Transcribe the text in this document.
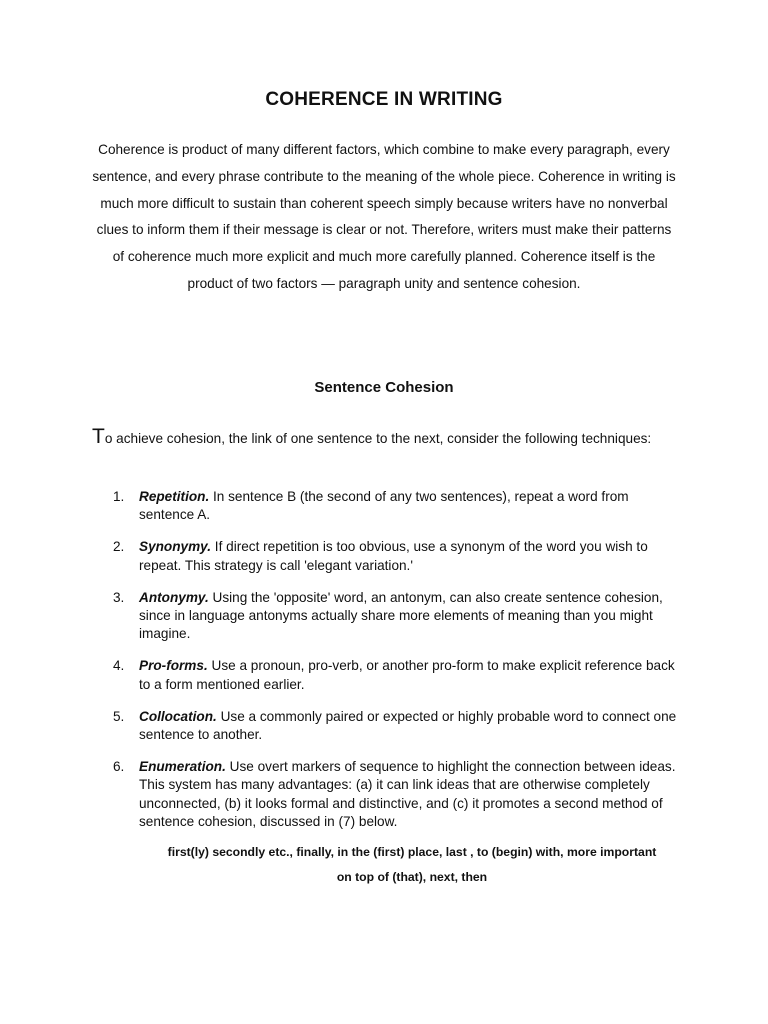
COHERENCE IN WRITING
Coherence is product of many different factors, which combine to make every paragraph, every sentence, and every phrase contribute to the meaning of the whole piece. Coherence in writing is much more difficult to sustain than coherent speech simply because writers have no nonverbal clues to inform them if their message is clear or not. Therefore, writers must make their patterns of coherence much more explicit and much more carefully planned. Coherence itself is the product of two factors — paragraph unity and sentence cohesion.
Sentence Cohesion
To achieve cohesion, the link of one sentence to the next, consider the following techniques:
1. Repetition. In sentence B (the second of any two sentences), repeat a word from sentence A.
2. Synonymy. If direct repetition is too obvious, use a synonym of the word you wish to repeat. This strategy is call 'elegant variation.'
3. Antonymy. Using the 'opposite' word, an antonym, can also create sentence cohesion, since in language antonyms actually share more elements of meaning than you might imagine.
4. Pro-forms. Use a pronoun, pro-verb, or another pro-form to make explicit reference back to a form mentioned earlier.
5. Collocation. Use a commonly paired or expected or highly probable word to connect one sentence to another.
6. Enumeration. Use overt markers of sequence to highlight the connection between ideas. This system has many advantages: (a) it can link ideas that are otherwise completely unconnected, (b) it looks formal and distinctive, and (c) it promotes a second method of sentence cohesion, discussed in (7) below.
first(ly) secondly etc., finally, in the (first) place, last , to (begin) with, more important
on top of (that), next, then
